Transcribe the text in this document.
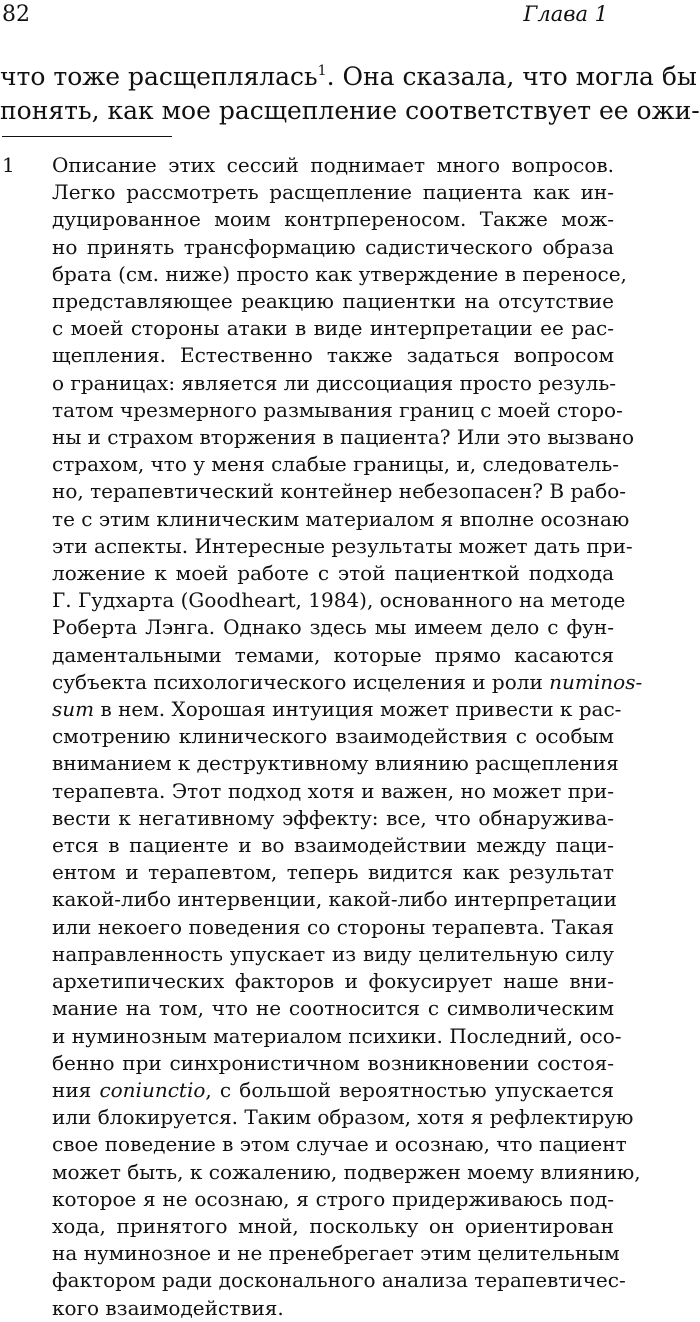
82	Глава 1
что тоже расщеплялась$^1$. Она сказала, что могла бы
понять, как мое расщепление соответствует ее ожи-
1 Описание этих сессий поднимает много вопросов.
Легко рассмотреть расщепление пациента как ин-
дуцированное моим контрпереносом. Также мож-
но принять трансформацию садистического образа
брата (см. ниже) просто как утверждение в переносе,
представляющее реакцию пациентки на отсутствие
с моей стороны атаки в виде интерпретации ее рас-
щепления. Естественно также задаться вопросом
о границах: является ли диссоциация просто резуль-
татом чрезмерного размывания границ с моей сторо-
ны и страхом вторжения в пациента? Или это вызвано
страхом, что у меня слабые границы, и, следователь-
но, терапевтический контейнер небезопасен? В рабо-
те с этим клиническим материалом я вполне осознаю
эти аспекты. Интересные результаты может дать при-
ложение к моей работе с этой пациенткой подхода
Г. Гудхарта (Goodheart, 1984), основанного на методе
Роберта Лэнга. Однако здесь мы имеем дело с фун-
даментальными темами, которые прямо касаются
субъекта психологического исцеления и роли numinos-
sum в нем. Хорошая интуиция может привести к рас-
смотрению клинического взаимодействия с особым
вниманием к деструктивному влиянию расщепления
терапевта. Этот подход хотя и важен, но может при-
вести к негативному эффекту: все, что обнаружива-
ется в пациенте и во взаимодействии между паци-
ентом и терапевтом, теперь видится как результат
какой-либо интервенции, какой-либо интерпретации
или некоего поведения со стороны терапевта. Такая
направленность упускает из виду целительную силу
архетипических факторов и фокусирует наше вни-
мание на том, что не соотносится с символическим
и нуминозным материалом психики. Последний, осо-
бенно при синхронистичном возникновении состоя-
ния coniunctio, с большой вероятностью упускается
или блокируется. Таким образом, хотя я рефлектирую
свое поведение в этом случае и осознаю, что пациент
может быть, к сожалению, подвержен моему влиянию,
которое я не осознаю, я строго придерживаюсь под-
хода, принятого мной, поскольку он ориентирован
на нуминозное и не пренебрегает этим целительным
фактором ради досконального анализа терапевтичес-
кого взаимодействия.
